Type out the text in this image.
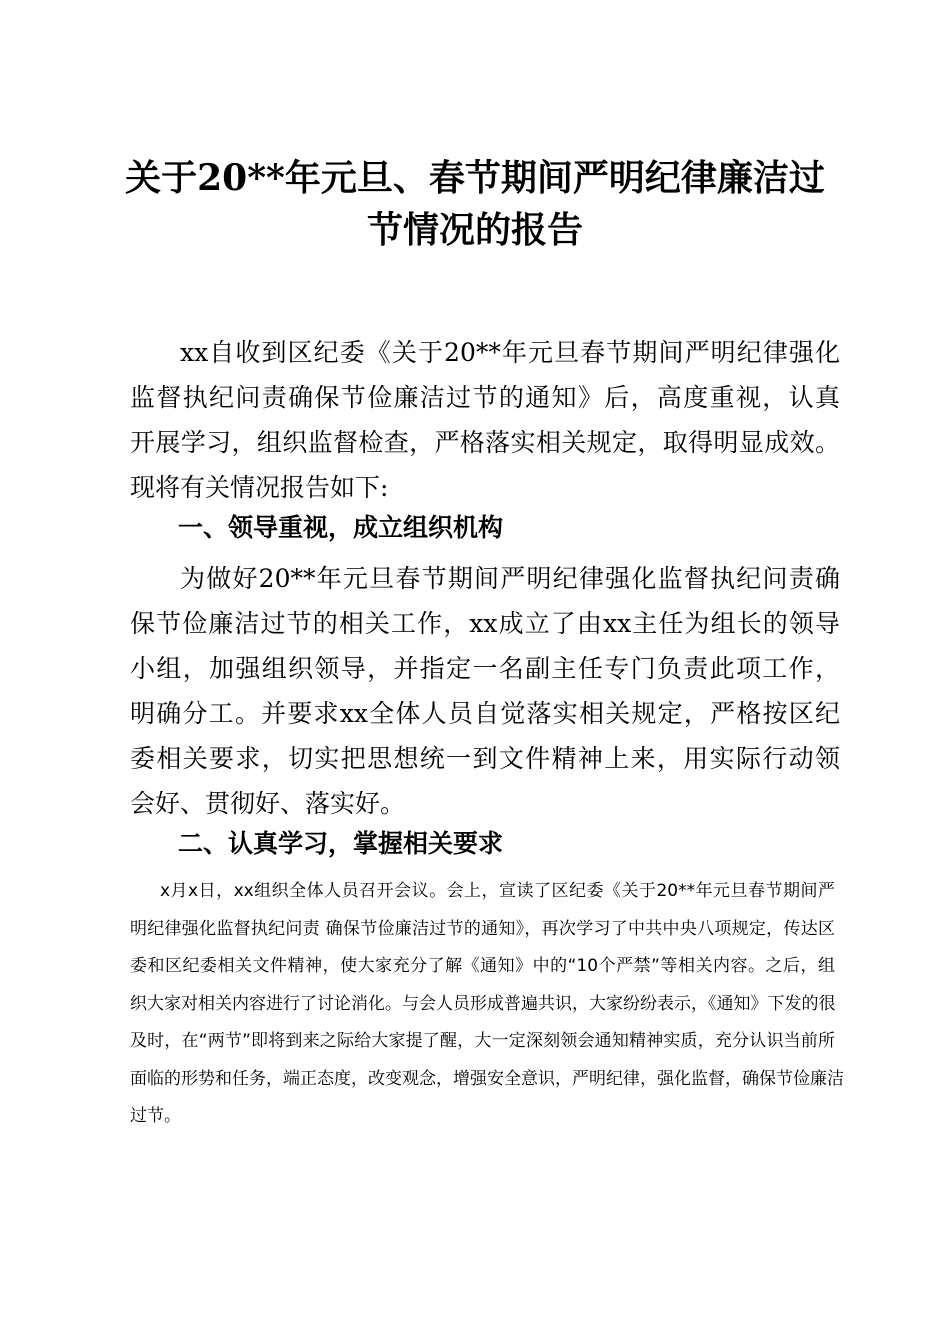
关于20**年元旦、春节期间严明纪律廉洁过
节情况的报告
xx自收到区纪委《关于20**年元旦春节期间严明纪律强化
监督执纪问责确保节俭廉洁过节的通知》后，高度重视，认真
开展学习，组织监督检查，严格落实相关规定，取得明显成效。
现将有关情况报告如下:
一、领导重视，成立组织机构
为做好20**年元旦春节期间严明纪律强化监督执纪问责确
保节俭廉洁过节的相关工作，xx成立了由xx主任为组长的领导
小组，加强组织领导，并指定一名副主任专门负责此项工作，
明确分工。并要求xx全体人员自觉落实相关规定，严格按区纪
委相关要求，切实把思想统一到文件精神上来，用实际行动领
会好、贯彻好、落实好。
二、认真学习，掌握相关要求
x月x日，xx组织全体人员召开会议。会上，宣读了区纪委《关于20**年元旦春节期间严
明纪律强化监督执纪问责 确保节俭廉洁过节的通知》，再次学习了中共中央八项规定，传达区
委和区纪委相关文件精神，使大家充分了解《通知》中的“10个严禁”等相关内容。之后，组
织大家对相关内容进行了讨论消化。与会人员形成普遍共识，大家纷纷表示，《通知》下发的很
及时，在“两节”即将到来之际给大家提了醒，大一定深刻领会通知精神实质，充分认识当前所
面临的形势和任务，端正态度，改变观念，增强安全意识，严明纪律，强化监督，确保节俭廉洁
过节。
